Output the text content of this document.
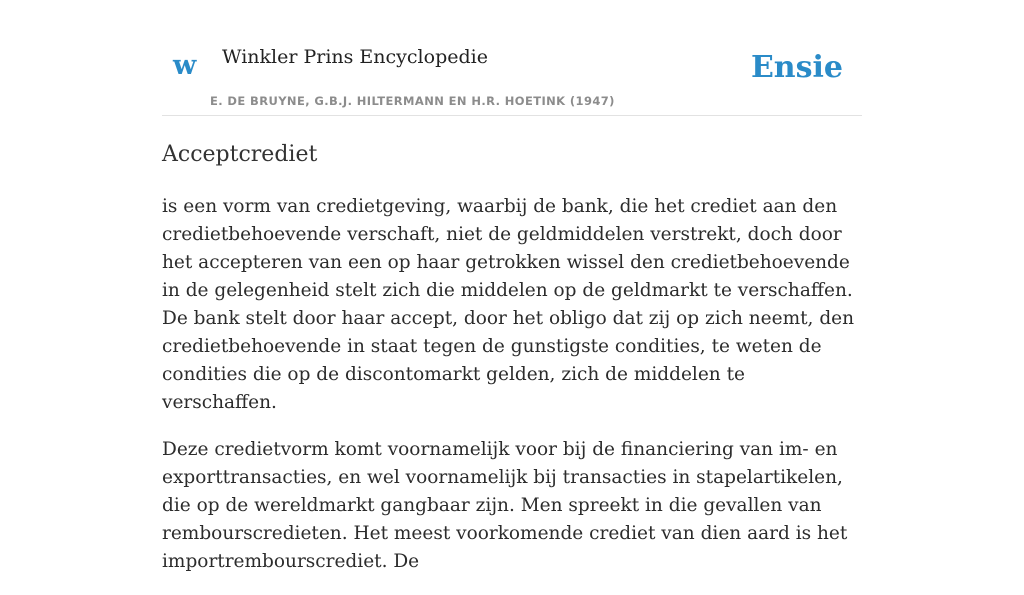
w Winkler Prins Encyclopedie
E. DE BRUYNE, G.B.J. HILTERMANN EN H.R. HOETINK (1947)
Ensie
Acceptcrediet

is een vorm van credietgeving, waarbij de bank, die het crediet aan den credietbehoevende verschaft, niet de geldmiddelen verstrekt, doch door het accepteren van een op haar getrokken wissel den credietbehoevende in de gelegenheid stelt zich die middelen op de geldmarkt te verschaffen. De bank stelt door haar accept, door het obligo dat zij op zich neemt, den credietbehoevende in staat tegen de gunstigste condities, te weten de condities die op de discontomarkt gelden, zich de middelen te verschaffen.

Deze credietvorm komt voornamelijk voor bij de financiering van im- en exporttransacties, en wel voornamelijk bij transacties in stapelartikelen, die op de wereldmarkt gangbaar zijn. Men spreekt in die gevallen van rembourscredieten. Het meest voorkomende crediet van dien aard is het importrembourscrediet. De
